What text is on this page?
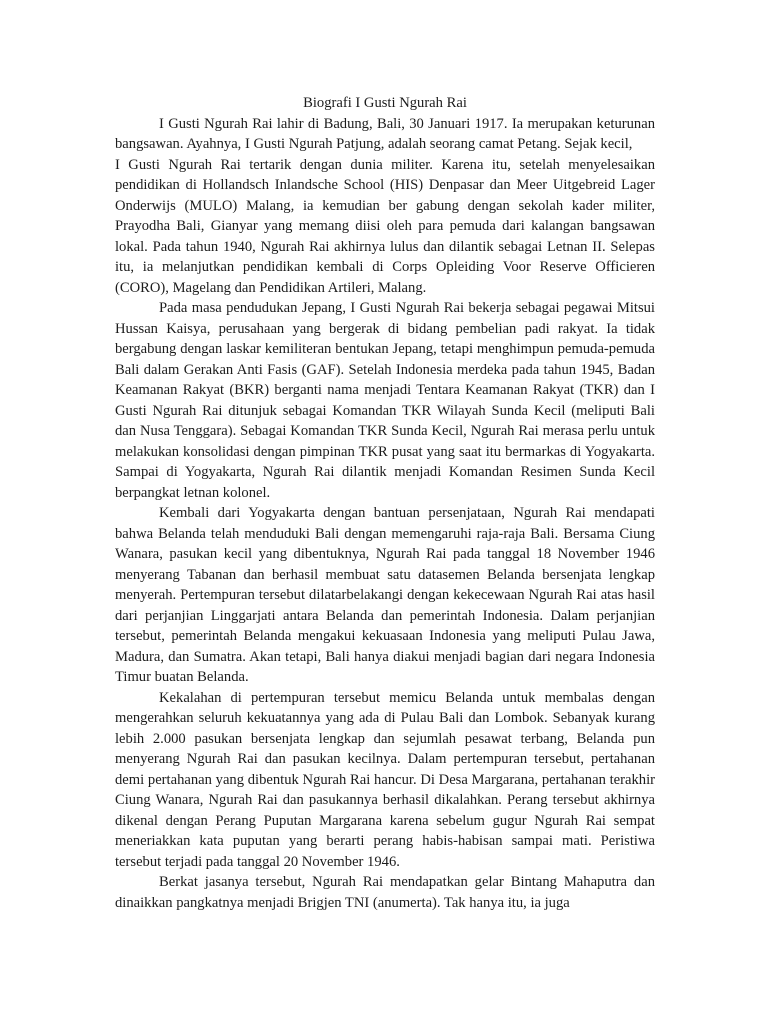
Biografi I Gusti Ngurah Rai

I Gusti Ngurah Rai lahir di Badung, Bali, 30 Januari 1917. Ia merupakan keturunan bangsawan. Ayahnya, I Gusti Ngurah Patjung, adalah seorang camat Petang. Sejak kecil,

I Gusti Ngurah Rai tertarik dengan dunia militer. Karena itu, setelah menyelesaikan pendidikan di Hollandsch Inlandsche School (HIS) Denpasar dan Meer Uitgebreid Lager Onderwijs (MULO) Malang, ia kemudian ber gabung dengan sekolah kader militer, Prayodha Bali, Gianyar yang memang diisi oleh para pemuda dari kalangan bangsawan lokal. Pada tahun 1940, Ngurah Rai akhirnya lulus dan dilantik sebagai Letnan II. Selepas itu, ia melanjutkan pendidikan kembali di Corps Opleiding Voor Reserve Officieren (CORO), Magelang dan Pendidikan Artileri, Malang.

Pada masa pendudukan Jepang, I Gusti Ngurah Rai bekerja sebagai pegawai Mitsui Hussan Kaisya, perusahaan yang bergerak di bidang pembelian padi rakyat. Ia tidak bergabung dengan laskar kemiliteran bentukan Jepang, tetapi menghimpun pemuda-pemuda Bali dalam Gerakan Anti Fasis (GAF). Setelah Indonesia merdeka pada tahun 1945, Badan Keamanan Rakyat (BKR) berganti nama menjadi Tentara Keamanan Rakyat (TKR) dan I Gusti Ngurah Rai ditunjuk sebagai Komandan TKR Wilayah Sunda Kecil (meliputi Bali dan Nusa Tenggara). Sebagai Komandan TKR Sunda Kecil, Ngurah Rai merasa perlu untuk melakukan konsolidasi dengan pimpinan TKR pusat yang saat itu bermarkas di Yogyakarta. Sampai di Yogyakarta, Ngurah Rai dilantik menjadi Komandan Resimen Sunda Kecil berpangkat letnan kolonel.

Kembali dari Yogyakarta dengan bantuan persenjataan, Ngurah Rai mendapati bahwa Belanda telah menduduki Bali dengan memengaruhi raja-raja Bali. Bersama Ciung Wanara, pasukan kecil yang dibentuknya, Ngurah Rai pada tanggal 18 November 1946 menyerang Tabanan dan berhasil membuat satu datasemen Belanda bersenjata lengkap menyerah. Pertempuran tersebut dilatarbelakangi dengan kekecewaan Ngurah Rai atas hasil dari perjanjian Linggarjati antara Belanda dan pemerintah Indonesia. Dalam perjanjian tersebut, pemerintah Belanda mengakui kekuasaan Indonesia yang meliputi Pulau Jawa, Madura, dan Sumatra. Akan tetapi, Bali hanya diakui menjadi bagian dari negara Indonesia Timur buatan Belanda.

Kekalahan di pertempuran tersebut memicu Belanda untuk membalas dengan mengerahkan seluruh kekuatannya yang ada di Pulau Bali dan Lombok. Sebanyak kurang lebih 2.000 pasukan bersenjata lengkap dan sejumlah pesawat terbang, Belanda pun menyerang Ngurah Rai dan pasukan kecilnya. Dalam pertempuran tersebut, pertahanan demi pertahanan yang dibentuk Ngurah Rai hancur. Di Desa Margarana, pertahanan terakhir Ciung Wanara, Ngurah Rai dan pasukannya berhasil dikalahkan. Perang tersebut akhirnya dikenal dengan Perang Puputan Margarana karena sebelum gugur Ngurah Rai sempat meneriakkan kata puputan yang berarti perang habis-habisan sampai mati. Peristiwa tersebut terjadi pada tanggal 20 November 1946.

Berkat jasanya tersebut, Ngurah Rai mendapatkan gelar Bintang Mahaputra dan dinaikkan pangkatnya menjadi Brigjen TNI (anumerta). Tak hanya itu, ia juga
